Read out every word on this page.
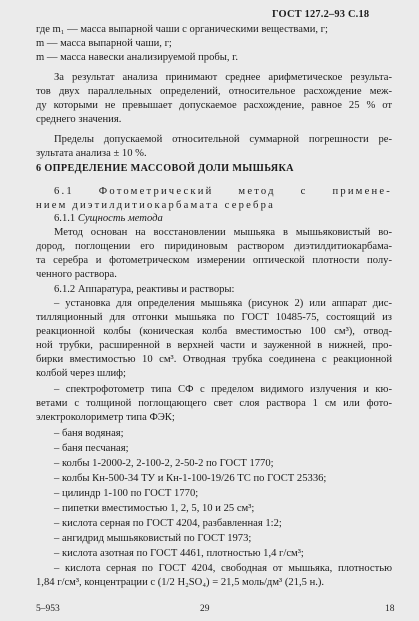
ГОСТ 127.2–93 С.18
где m₁ — масса выпарной чаши с органическими веществами, г;
m — масса выпарной чаши, г;
m — масса навески анализируемой пробы, г.
За результат анализа принимают среднее арифметическое результа-
тов двух параллельных определений, относительное расхождение меж-
ду которыми не превышает допускаемое расхождение, равное 25 % от
среднего значения.
Пределы допускаемой относительной суммарной погрешности ре-
зультата анализа ± 10 %.
6 ОПРЕДЕЛЕНИЕ МАССОВОЙ ДОЛИ МЫШЬЯКА
6.1 Фотометрический метод с примене-
нием диэтилдитиокарбамата серебра
6.1.1 Сущность метода
Метод основан на восстановлении мышьяка в мышьяковистый во-
дород, поглощении его пиридиновым раствором диэтилдитиокарбама-
та серебра и фотометрическом измерении оптической плотности полу-
ченного раствора.
6.1.2 Аппаратура, реактивы и растворы:
– установка для определения мышьяка (рисунок 2) или аппарат дис-
тилляционный для отгонки мышьяка по ГОСТ 10485-75, состоящий из
реакционной колбы (коническая колба вместимостью 100 см³), отвод-
ной трубки, расширенной в верхней части и зауженной в нижней, про-
бирки вместимостью 10 см³. Отводная трубка соединена с реакционной
колбой через шлиф;
– спектрофотометр типа СФ с пределом видимого излучения и кю-
ветами с толщиной поглощающего свет слоя раствора 1 см или фото-
электроколориметр типа ФЭК;
– баня водяная;
– баня песчаная;
– колбы 1-2000-2, 2-100-2, 2-50-2 по ГОСТ 1770;
– колбы Кн-500-34 ТУ и Кн-1-100-19/26 ТС по ГОСТ 25336;
– цилиндр 1-100 по ГОСТ 1770;
– пипетки вместимостью 1, 2, 5, 10 и 25 см³;
– кислота серная по ГОСТ 4204, разбавленная 1:2;
– ангидрид мышьяковистый по ГОСТ 1973;
– кислота азотная по ГОСТ 4461, плотностью 1,4 г/см³;
– кислота серная по ГОСТ 4204, свободная от мышьяка, плотностью
1,84 г/см³, концентрации с (1/2 H₂SO₄) = 21,5 моль/дм³ (21,5 н.).
5–953	29	18
